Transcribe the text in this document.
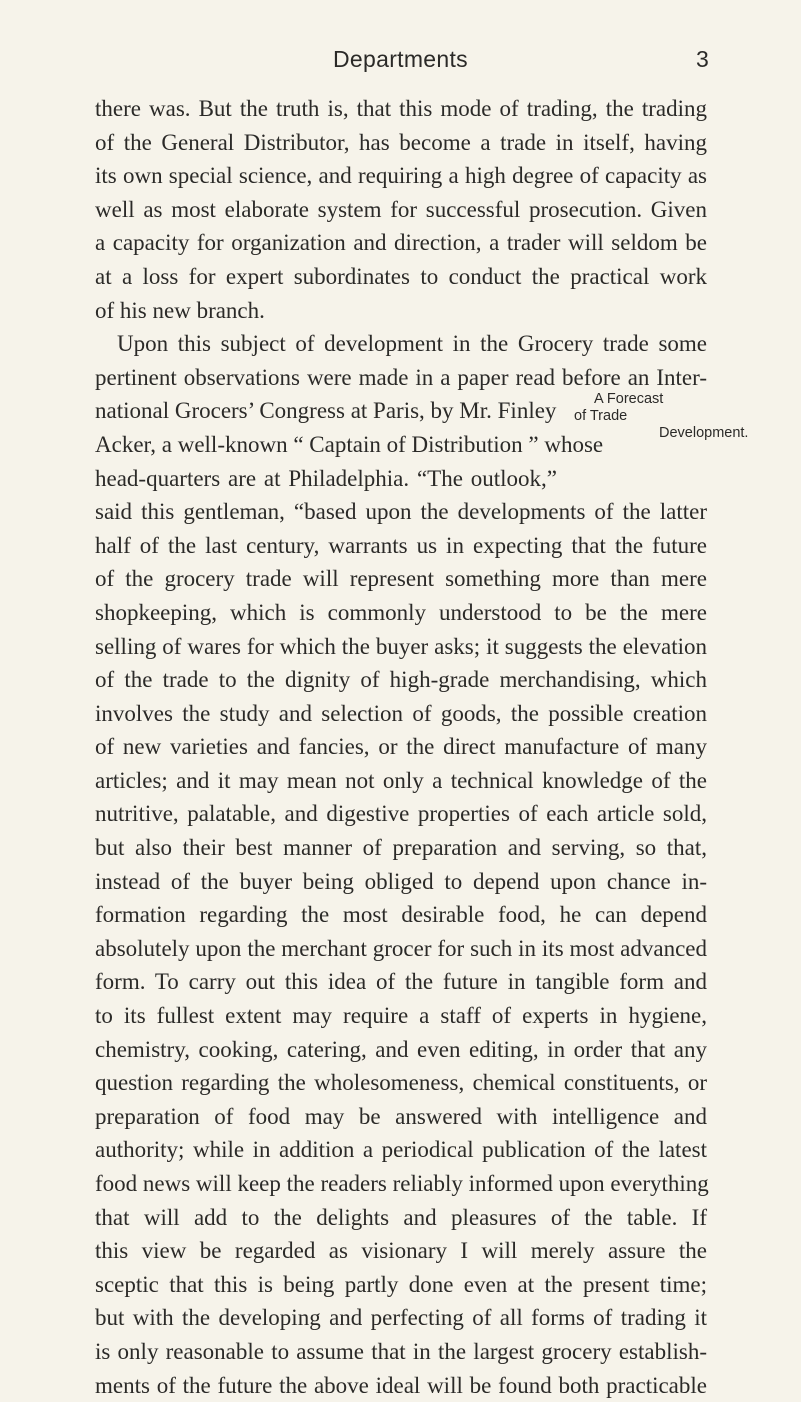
Departments	3
there was. But the truth is, that this mode of trading, the trading
of the General Distributor, has become a trade in itself, having
its own special science, and requiring a high degree of capacity as
well as most elaborate system for successful prosecution. Given
a capacity for organization and direction, a trader will seldom be
at a loss for expert subordinates to conduct the practical work
of his new branch.
Upon this subject of development in the Grocery trade some
pertinent observations were made in a paper read before an Inter-
national Grocers’ Congress at Paris, by Mr. Finley
Acker, a well-known “ Captain of Distribution ” whose
head-quarters are at Philadelphia. “The outlook,”
said this gentleman, “based upon the developments of the latter
half of the last century, warrants us in expecting that the future
of the grocery trade will represent something more than mere
shopkeeping, which is commonly understood to be the mere
selling of wares for which the buyer asks; it suggests the elevation
of the trade to the dignity of high-grade merchandising, which
involves the study and selection of goods, the possible creation
of new varieties and fancies, or the direct manufacture of many
articles; and it may mean not only a technical knowledge of the
nutritive, palatable, and digestive properties of each article sold,
but also their best manner of preparation and serving, so that,
instead of the buyer being obliged to depend upon chance in-
formation regarding the most desirable food, he can depend
absolutely upon the merchant grocer for such in its most advanced
form. To carry out this idea of the future in tangible form and
to its fullest extent may require a staff of experts in hygiene,
chemistry, cooking, catering, and even editing, in order that any
question regarding the wholesomeness, chemical constituents, or
preparation of food may be answered with intelligence and
authority; while in addition a periodical publication of the latest
food news will keep the readers reliably informed upon everything
that will add to the delights and pleasures of the table. If
this view be regarded as visionary I will merely assure the
sceptic that this is being partly done even at the present time;
but with the developing and perfecting of all forms of trading it
is only reasonable to assume that in the largest grocery establish-
ments of the future the above ideal will be found both practicable
A Forecast
of Trade
Development.
